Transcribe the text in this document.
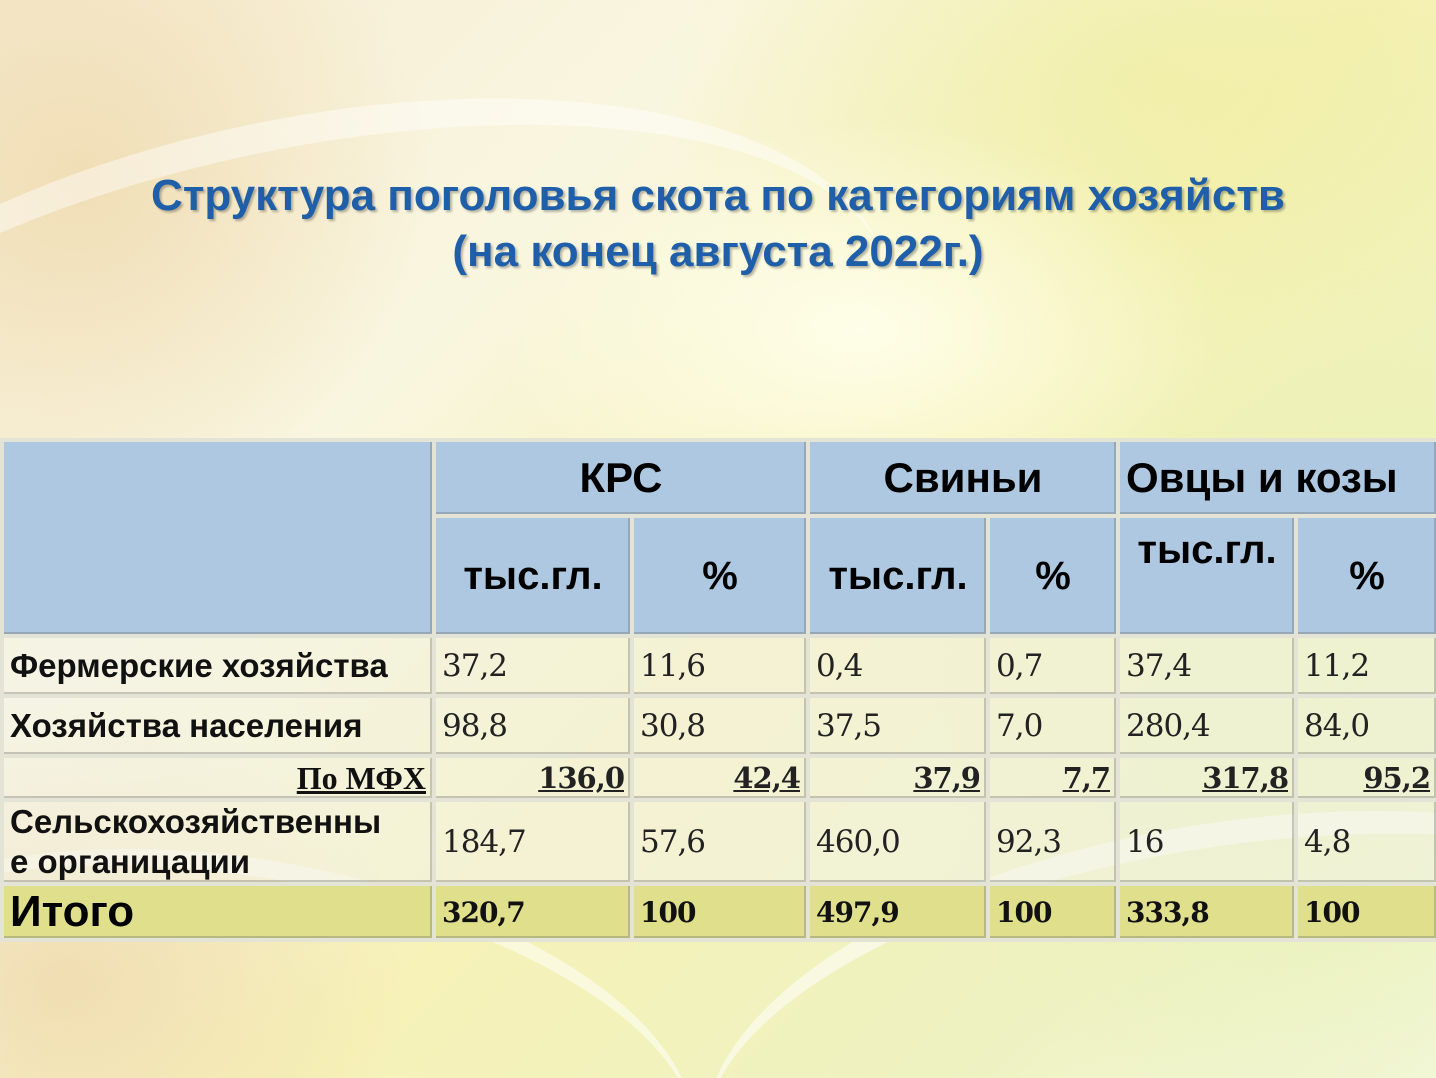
Структура поголовья скота по категориям хозяйств
(на конец августа 2022г.)
	КРС		Свиньи		Овцы и козы	
	тыс.гл.	%	тыс.гл.	%	тыс.гл.	%
Фермерские хозяйства	37,2	11,6	0,4	0,7	37,4	11,2
Хозяйства населения	98,8	30,8	37,5	7,0	280,4	84,0
По МФХ	136,0	42,4	37,9	7,7	317,8	95,2
Сельскохозяйственны
е органицации	184,7	57,6	460,0	92,3	16	4,8
Итого	320,7	100	497,9	100	333,8	100
